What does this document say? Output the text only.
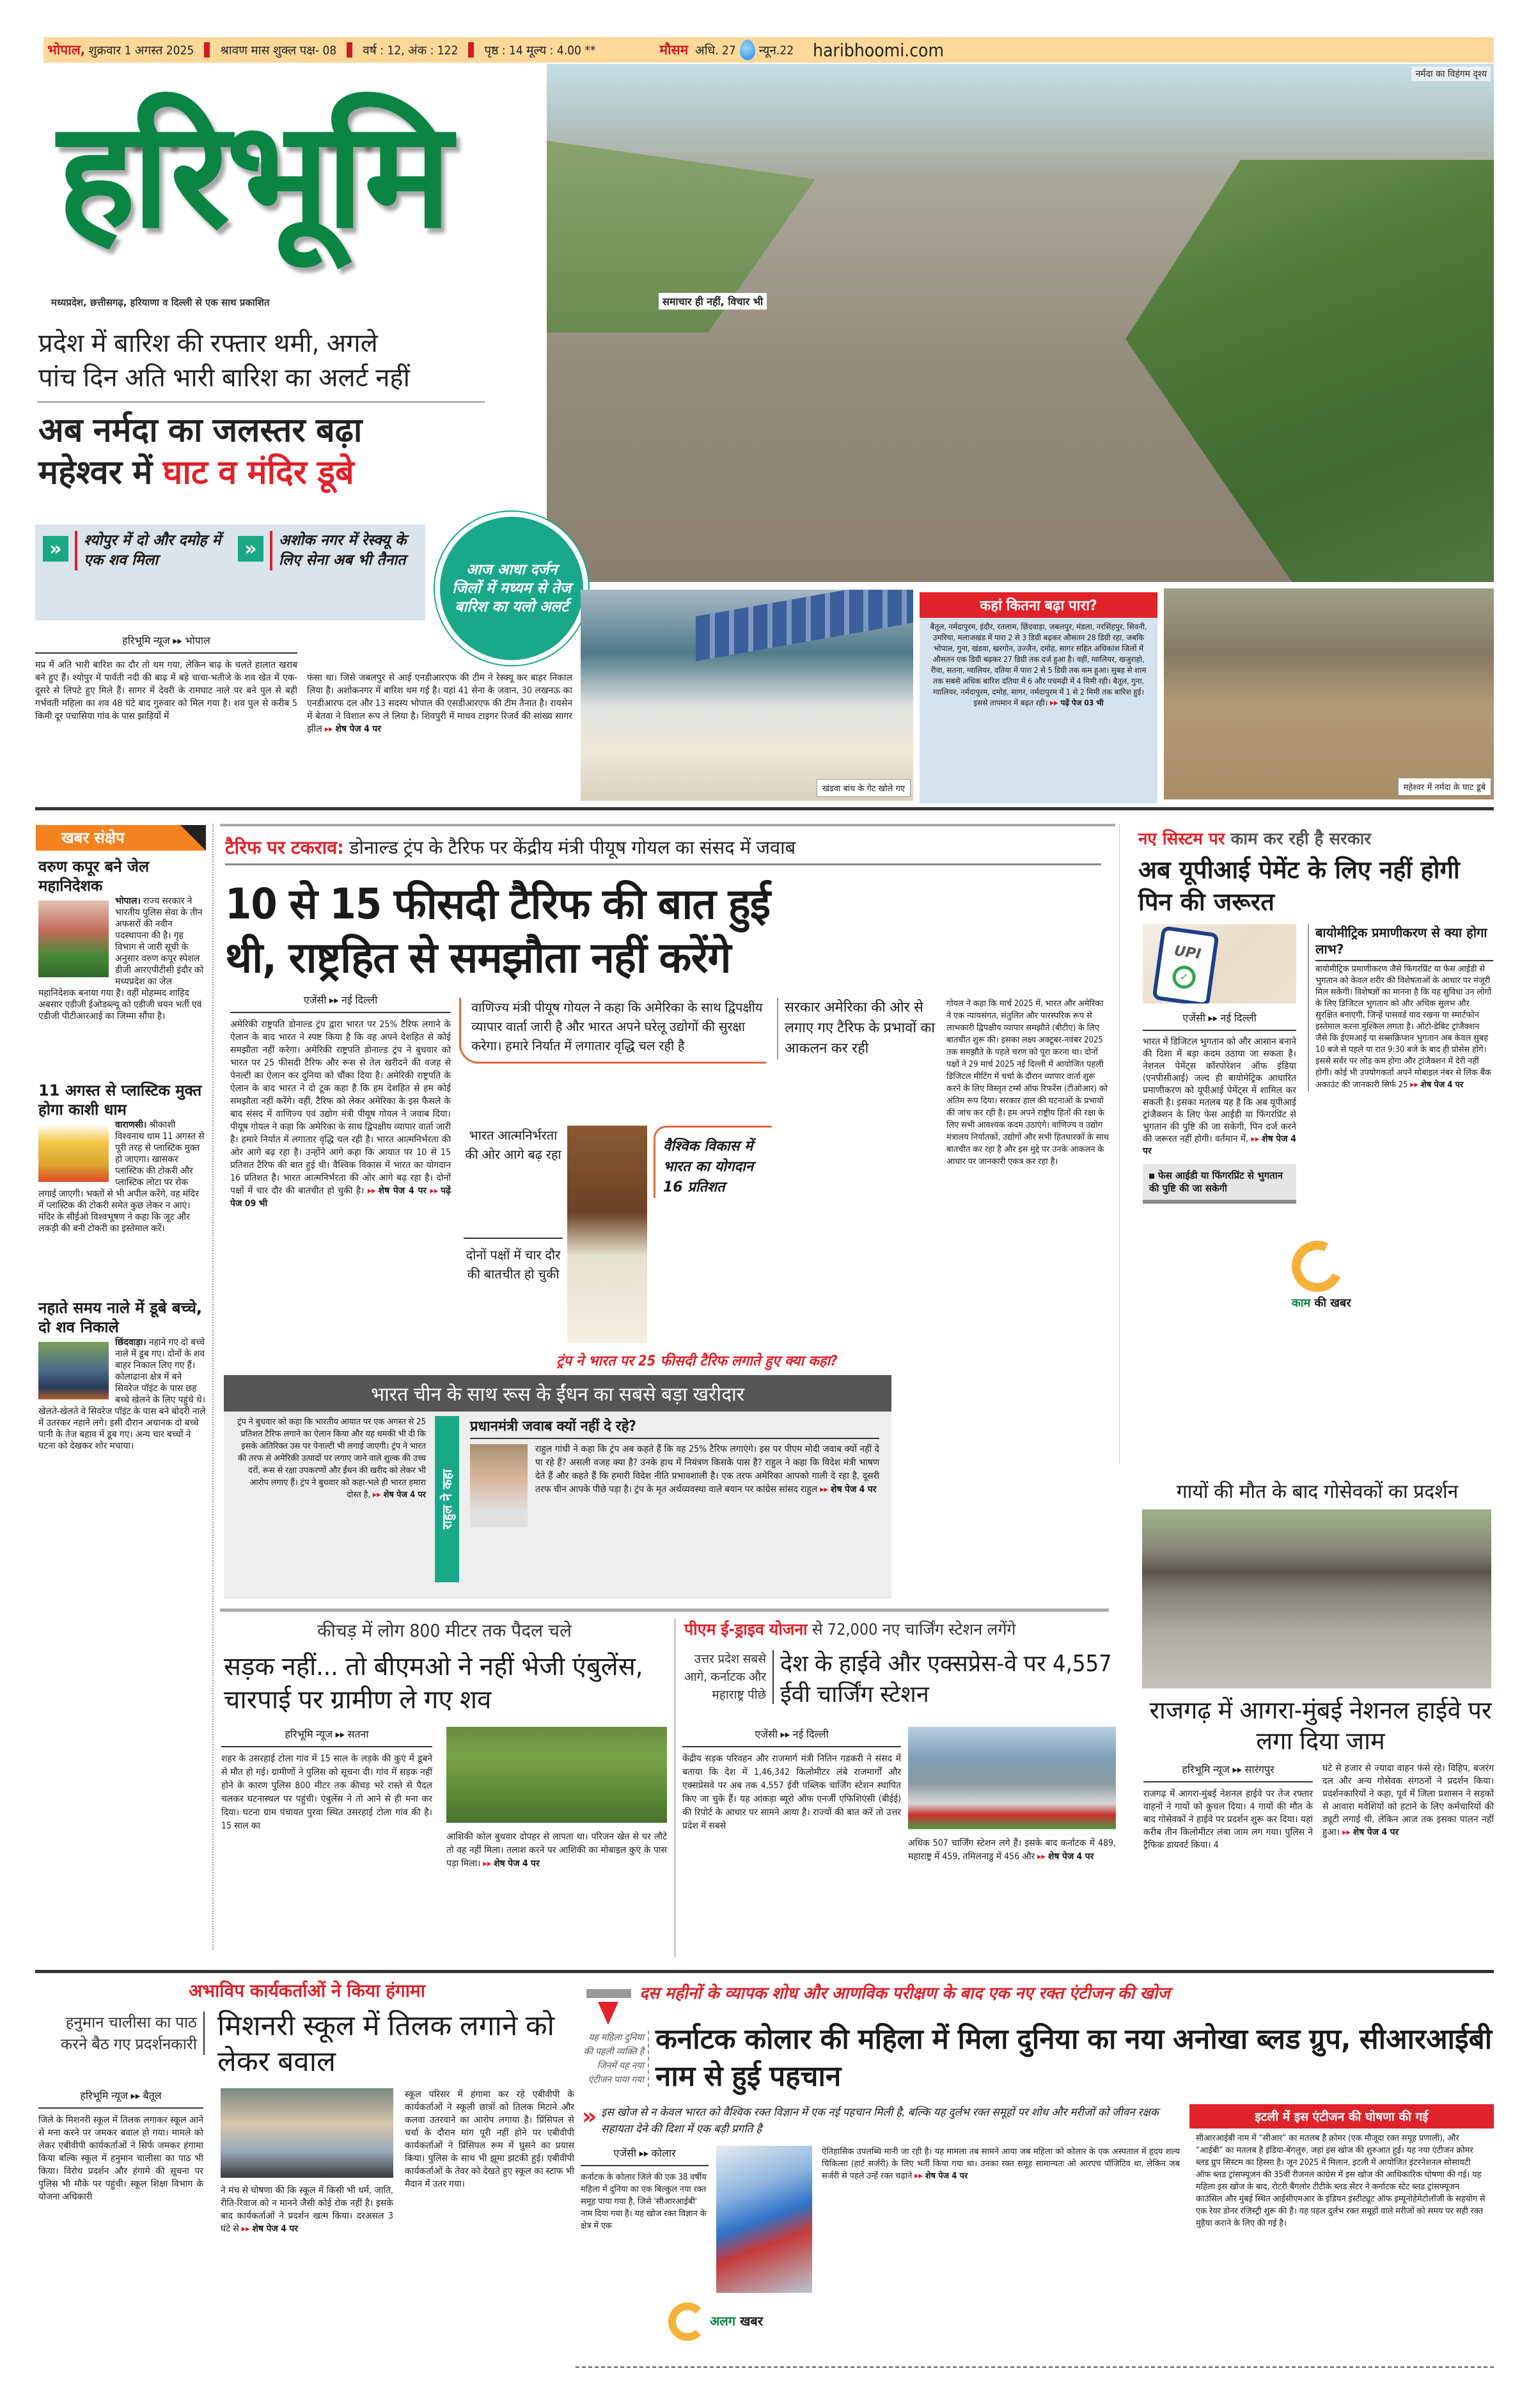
भोपाल,
शुक्रवार 1 अगस्त 2025 श्रावण मास शुक्ल पक्ष- 08 वर्ष : 12, अंक : 122 पृष्ठ : 14 मूल्य : 4.00 **	मौसम
अधि. 27 न्यून.22 haribhoomi.com
नर्मदा का विहंगम दृश्य
हरिभूमि
मध्यप्रदेश, छत्तीसगढ़, हरियाणा व दिल्ली से एक साथ प्रकाशित	समाचार ही नहीं, विचार भी
प्रदेश में बारिश की रफ्तार थमी, अगले
पांच दिन अति भारी बारिश का अलर्ट नहीं
अब नर्मदा का जलस्तर बढ़ा
महेश्वर में घाट व मंदिर डूबे
»	श्योपुर में दो और दमोह में एक शव मिला
»	अशोक नगर में रेस्क्यू के लिए सेना अब भी तैनात
आज आधा दर्जन जिलों में मध्यम से तेज बारिश का यलो अलर्ट
हरिभूमि न्यूज ▸▸ भोपाल
मप्र में अति भारी बारिश का दौर तो थम गया, लेकिन बाढ़ के चलते हालात खराब बने हुए हैं। श्योपुर में पार्वती नदी की बाढ़ में बहे चाचा-भतीजे के शव खेत में एक-दूसरे से लिपटे हुए मिले हैं। सागर में देवरी के रामघाट नाले पर बने पुल से बही गर्भवती महिला का शव 48 घंटे बाद गुरुवार को मिल गया है। शव पुल से करीब 5 किमी दूर पचासिया गांव के पास झाड़ियों में
फंसा था। जिसे जबलपुर से आई एनडीआरएफ की टीम ने रेस्क्यू कर बाहर निकाल लिया है। अशोकनगर में बारिश थम गई है। यहां 41 सेना के जवान, 30 लखनऊ का एनडीआरफ दल और 13 सदस्य भोपाल की एसडीआरएफ की टीम तैनात है। रायसेन में बेतवा ने विशाल रूप ले लिया है। शिवपुरी में माधव टाइगर रिजर्व की सांख्य सागर झील ▸▸ शेष पेज 4 पर
खंडवा बांध के गेट खोले गए
कहां कितना बढ़ा पारा?
बैतूल, नर्मदापुरम, इंदौर, रतलाम, छिंदवाड़ा, जबलपुर, मंडला, नरसिंहपुर, सिवनी, उमरिया, मलाजखंड में पारा 2 से 3 डिग्री बढ़कर औसतन 28 डिग्री रहा, जबकि भोपाल, गुना, खंडवा, खरगोन, उज्जैन, दमोह, सागर सहित अधिकांश जिलों में औसतन एक डिग्री बढ़कर 27 डिग्री तक दर्ज हुआ है। वहीं, ग्वालियर, खजुराहो, रीवा, सतना, ग्वालियर, दतिया में पारा 2 से 5 डिग्री तक कम हुआ। सुबह से शाम तक सबसे अधिक बारिश दतिया में 6 और पचमढ़ी में 4 मिमी रही। बैतूल, गुना, ग्वालियर, नर्मदापुरम, दमोह, सागर, नर्मदापुरम में 1 से 2 मिमी तक बारिश हुई। इससे तापमान में बढ़त रही। ▸▸ पढ़ें पेज 03 भी
महेश्वर में नर्मदा के घाट डूबे
खबर संक्षेप
वरुण कपूर बने जेल महानिदेशक
भोपाल। राज्य सरकार ने भारतीय पुलिस सेवा के तीन अफसरों की नवीन पदस्थापना की है। गृह विभाग से जारी सूची के अनुसार वरुण कपूर स्पेशल डीजी आरएपीटीसी इंदौर को मध्यप्रदेश का जेल महानिदेशक बनाया गया है। वहीं मोहम्मद शाहिद अबसार एडीजी ईओडब्ल्यू को एडीजी चयन भर्ती एवं एडीजी पीटीआरआई का जिम्मा सौंपा है।
11 अगस्त से प्लास्टिक मुक्त होगा काशी धाम
वाराणसी। श्रीकाशी विश्वनाथ धाम 11 अगस्त से पूरी तरह से प्लास्टिक मुक्त हो जाएगा। खासकर प्लास्टिक की टोकरी और प्लास्टिक लोटा पर रोक लगाई जाएगी। भक्तों से भी अपील करेंगे, वह मंदिर में प्लास्टिक की टोकरी समेत कुछ लेकर न आएं। मंदिर के सीईओ विश्वभूषण ने कहा कि जूट और लकड़ी की बनी टोकरी का इस्तेमाल करें।
नहाते समय नाले में डूबे बच्चे, दो शव निकाले
छिंदवाड़ा। नहाने गए दो बच्चे नाले में डूब गए। दोनों के शव बाहर निकाल लिए गए हैं। कोलाढाना क्षेत्र में बने सिवरेज पॉइंट के पास छह बच्चे खेलने के लिए पहुंचे थे। खेलते-खेलते वे सिवरेज पॉइंट के पास बने बोदरी नाले में उतरकर नहाने लगे। इसी दौरान अचानक दो बच्चे पानी के तेज बहाव में डूब गए। अन्य चार बच्चों ने घटना को देखकर शोर मचाया।
टैरिफ पर टकराव: डोनाल्ड ट्रंप के टैरिफ पर केंद्रीय मंत्री पीयूष गोयल का संसद में जवाब
10 से 15 फीसदी टैरिफ की बात हुई
थी, राष्ट्रहित से समझौता नहीं करेंगे
एजेंसी ▸▸ नई दिल्ली
अमेरिकी राष्ट्रपति डोनाल्ड ट्रंप द्वारा भारत पर 25% टैरिफ लगाने के ऐलान के बाद भारत ने स्पष्ट किया है कि वह अपने देशहित से कोई समझौता नहीं करेगा। अमेरिकी राष्ट्रपति डोनाल्ड ट्रंप ने बुधवार को भारत पर 25 फीसदी टैरिफ और रूस से तेल खरीदने की वजह से पेनल्टी का ऐलान कर दुनिया को चौंका दिया है। अमेरिकी राष्ट्रपति के ऐलान के बाद भारत ने दो टूक कहा है कि हम देशहित से हम कोई समझौता नहीं करेंगे। वहीं, टैरिफ को लेकर अमेरिका के इस फैसले के बाद संसद में वाणिज्य एवं उद्योग मंत्री पीयूष गोयल ने जवाब दिया। पीयूष गोयल ने कहा कि अमेरिका के साथ द्विपक्षीय व्यापार वार्ता जारी है। हमारे निर्यात में लगातार वृद्धि चल रही है। भारत आत्मनिर्भरता की ओर आगे बढ़ रहा है। उन्होंने आगे कहा कि आयात पर 10 से 15 प्रतिशत टैरिफ की बात हुई थी। वैश्विक विकास में भारत का योगदान 16 प्रतिशत है। भारत आत्मनिर्भरता की ओर आगे बढ़ रहा है। दोनों पक्षों में चार दौर की बातचीत हो चुकी है। ▸▸ शेष पेज 4 पर ▸▸ पढ़ें पेज 09 भी
वाणिज्य मंत्री पीयूष गोयल ने कहा कि अमेरिका के साथ द्विपक्षीय व्यापार वार्ता जारी है और भारत अपने घरेलू उद्योगों की सुरक्षा करेगा। हमारे निर्यात में लगातार वृद्धि चल रही है
भारत आत्मनिर्भरता की ओर आगे बढ़ रहा
दोनों पक्षों में चार दौर की बातचीत हो चुकी
वैश्विक विकास में भारत का योगदान 16 प्रतिशत
सरकार अमेरिका की ओर से लगाए गए टैरिफ के प्रभावों का आकलन कर रही
गोयल ने कहा कि मार्च 2025 में, भारत और अमेरिका ने एक न्यायसंगत, संतुलित और पारस्परिक रूप से लाभकारी द्विपक्षीय व्यापार समझौते (बीटीए) के लिए बातचीत शुरू की। इसका लक्ष्य अक्टूबर-नवंबर 2025 तक समझौते के पहले चरण को पूरा करना था। दोनों पक्षों ने 29 मार्च 2025 नई दिल्ली में आयोजित पहली डिजिटल मीटिंग में चर्चा के दौरान व्यापार वार्ता शुरू करने के लिए विस्तृत टर्म्स ऑफ रिफरेंस (टीओआर) को अंतिम रूप दिया। सरकार हाल की घटनाओं के प्रभावों की जांच कर रही है। हम अपने राष्ट्रीय हितों की रक्षा के लिए सभी आवश्यक कदम उठाएंगे। वाणिज्य व उद्योग मंत्रालय निर्यातकों, उद्योगों और सभी हितधारकों के साथ बातचीत कर रहा है और इस मुद्दे पर उनके आकलन के आधार पर जानकारी एकत्र कर रहा है।
ट्रंप ने भारत पर 25 फीसदी टैरिफ लगाते हुए क्या कहा?
भारत चीन के साथ रूस के ईंधन का सबसे बड़ा खरीदार
ट्रंप ने बुधवार को कहा कि भारतीय आयात पर एक अगस्त से 25 प्रतिशत टैरिफ लगाने का ऐलान किया और यह धमकी भी दी कि इसके अतिरिक्त उस पर पेनाल्टी भी लगाई जाएगी। ट्रंप ने भारत की तरफ से अमेरिकी उत्पादों पर लगाए जाने वाले शुल्क की उच्च दरों, रूस से रक्षा उपकरणों और ईंधन की खरीद को लेकर भी आरोप लगाए हैं। ट्रंप ने बुधवार को कहा-भले ही भारत हमारा दोस्त है, ▸▸ शेष पेज 4 पर	राहुल ने कहा
प्रधानमंत्री जवाब क्यों नहीं दे रहे?
राहुल गांधी ने कहा कि ट्रंप अब कहते हैं कि वह 25% टैरिफ लगाएंगे। इस पर पीएम मोदी जवाब क्यों नहीं दे पा रहे हैं? असली वजह क्या है? उनके हाथ में नियंत्रण किसके पास है? राहुल ने कहा कि विदेश मंत्री भाषण देते हैं और कहते हैं कि हमारी विदेश नीति प्रभावशाली है। एक तरफ अमेरिका आपको गाली दे रहा है, दूसरी तरफ चीन आपके पीछे पड़ा है। ट्रंप के मृत अर्थव्यवस्था वाले बयान पर कांग्रेस सांसद राहुल ▸▸ शेष पेज 4 पर
नए सिस्टम पर काम कर रही है सरकार
अब यूपीआई पेमेंट के लिए नहीं होगी पिन की जरूरत
UPI
✓
एजेंसी ▸▸ नई दिल्ली
भारत में डिजिटल भुगतान को और आसान बनाने की दिशा में बड़ा कदम उठाया जा सकता है। नेशनल पेमेंट्स कॉरपोरेशन ऑफ इंडिया (एनपीसीआई) जल्द ही बायोमेट्रिक आधारित प्रमाणीकरण को यूपीआई पेमेंट्स में शामिल कर सकती है। इसका मतलब यह है कि अब यूपीआई ट्रांजैक्शन के लिए फेस आईडी या फिंगरप्रिंट से भुगतान की पुष्टि की जा सकेगी, पिन दर्ज करने की जरूरत नहीं होगी। वर्तमान में, ▸▸ शेष पेज 4 पर
फेस आईडी या फिंगरप्रिंट से भुगतान की पुष्टि की जा सकेगी
बायोमीट्रिक प्रमाणीकरण से क्या होगा लाभ?
बायोमीट्रिक प्रमाणीकरण जैसे फिंगरप्रिंट या फेस आईडी से भुगतान को केवल शरीर की विशेषताओं के आधार पर मंजूरी मिल सकेगी। विशेषज्ञों का मानना है कि यह सुविधा उन लोगों के लिए डिजिटल भुगतान को और अधिक सुलभ और सुरक्षित बनाएगी, जिन्हें पासवर्ड याद रखना या स्मार्टफोन इस्तेमाल करना मुश्किल लगता है। ऑटो-डेबिट ट्रांजैक्शन जैसे कि ईएमआई या सब्सक्रिप्शन भुगतान अब केवल सुबह 10 बजे से पहले या रात 9:30 बजे के बाद ही प्रोसेस होंगे। इससे सर्वर पर लोड कम होगा और ट्रांजैक्शन में देरी नहीं होगी। कोई भी उपयोगकर्ता अपने मोबाइल नंबर से लिंक बैंक अकाउंट की जानकारी सिर्फ 25 ▸▸ शेष पेज 4 पर
काम की खबर
गायों की मौत के बाद गोसेवकों का प्रदर्शन
राजगढ़ में आगरा-मुंबई नेशनल हाईवे पर लगा दिया जाम
हरिभूमि न्यूज ▸▸ सारंगपुर
राजगढ़ में आगरा-मुंबई नेशनल हाईवे पर तेज रफ्तार वाहनों ने गायों को कुचल दिया। 4 गायों की मौत के बाद गोसेवकों ने हाईवे पर प्रदर्शन शुरू कर दिया। यहां करीब तीन किलोमीटर लंबा जाम लग गया। पुलिस ने ट्रैफिक डायवर्ट किया। 4
घंटे से हजार से ज्यादा वाहन फंसे रहे। विहिप, बजरंग दल और अन्य गोसेवक संगठनों ने प्रदर्शन किया। प्रदर्शनकारियों ने कहा, पूर्व में जिला प्रशासन ने सड़कों से आवारा मवेशियों को हटाने के लिए कर्मचारियों की ड्यूटी लगाई थी, लेकिन आज तक इसका पालन नहीं हुआ। ▸▸ शेष पेज 4 पर
कीचड़ में लोग 800 मीटर तक पैदल चले
सड़क नहीं... तो बीएमओ ने नहीं भेजी एंबुलेंस, चारपाई पर ग्रामीण ले गए शव
हरिभूमि न्यूज ▸▸ सतना
शहर के उसरहाई टोला गांव में 15 साल के लड़के की कुएं में डूबने से मौत हो गई। ग्रामीणों ने पुलिस को सूचना दी। गांव में सड़क नहीं होने के कारण पुलिस 800 मीटर तक कीचड़ भरे रास्ते से पैदल चलकर घटनास्थल पर पहुंची। एंबुलेंस ने तो आने से ही मना कर दिया। घटना ग्राम पंचायत पुरवा स्थित उसरहाई टोला गांव की है। 15 साल का
आशिकी कोल बुधवार दोपहर से लापता था। परिजन खेत से घर लौटे तो वह नहीं मिला। तलाश करने पर आशिकी का मोबाइल कुएं के पास पड़ा मिला। ▸▸ शेष पेज 4 पर
पीएम ई-ड्राइव योजना से 72,000 नए चार्जिंग स्टेशन लगेंगे
उत्तर प्रदेश सबसे आगे, कर्नाटक और महाराष्ट्र पीछे
देश के हाईवे और एक्सप्रेस-वे पर 4,557 ईवी चार्जिंग स्टेशन
एजेंसी ▸▸ नई दिल्ली
केंद्रीय सड़क परिवहन और राजमार्ग मंत्री नितिन गडकरी ने संसद में बताया कि देश में 1,46,342 किलोमीटर लंबे राजमार्गों और एक्सप्रेसवे पर अब तक 4,557 ईवी पब्लिक चार्जिंग स्टेशन स्थापित किए जा चुके हैं। यह आंकड़ा ब्यूरो ऑफ एनर्जी एफिशिएंसी (बीईई) की रिपोर्ट के आधार पर सामने आया है। राज्यों की बात करें तो उत्तर प्रदेश में सबसे
अधिक 507 चार्जिंग स्टेशन लगे हैं। इसके बाद कर्नाटक में 489, महाराष्ट्र में 459, तमिलनाडु में 456 और ▸▸ शेष पेज 4 पर
अभाविप कार्यकर्ताओं ने किया हंगामा
हनुमान चालीसा का पाठ करने बैठ गए प्रदर्शनकारी
मिशनरी स्कूल में तिलक लगाने को लेकर बवाल
हरिभूमि न्यूज ▸▸ बैतूल
जिले के मिशनरी स्कूल में तिलक लगाकर स्कूल आने से मना करने पर जमकर बवाल हो गया। मामले को लेकर एबीवीपी कार्यकर्ताओं ने सिर्फ जमकर हंगामा किया बल्कि स्कूल में हनुमान चालीसा का पाठ भी किया। विरोध प्रदर्शन और हंगामे की सूचना पर पुलिस भी मौके पर पहुंची। स्कूल शिक्षा विभाग के योजना अधिकारी
ने मंच से घोषणा की कि स्कूल में किसी भी धर्म, जाति, रीति-रिवाज को न मानने जैसी कोई रोक नहीं है। इसके बाद कार्यकर्ताओं ने प्रदर्शन खत्म किया। दरअसल 3 घंटे से ▸▸ शेष पेज 4 पर
स्कूल परिसर में हंगामा कर रहे एबीवीपी के कार्यकर्ताओं ने स्कूली छात्रों को तिलक मिटाने और कलवा उतरवाने का आरोप लगाया है। प्रिंसिपल से चर्चा के दौरान मांग पूरी नहीं होने पर एबीवीपी कार्यकर्ताओं ने प्रिंसिपल रूम में घुसने का प्रयास किया। पुलिस के साथ भी झूमा झटकी हुई। एबीवीपी कार्यकर्ताओं के तेवर को देखते हुए स्कूल का स्टाफ भी मैदान में उतर गया।
दस महीनों के व्यापक शोध और आणविक परीक्षण के बाद एक नए रक्त एंटीजन की खोज
यह महिला दुनिया की पहली व्यक्ति है जिनमें यह नया एंटीजन पाया गया
कर्नाटक कोलार की महिला में मिला दुनिया का नया अनोखा ब्लड ग्रुप, सीआरआईबी नाम से हुई पहचान
» इस खोज से न केवल भारत को वैश्विक रक्त विज्ञान में एक नई पहचान मिली है, बल्कि यह दुर्लभ रक्त समूहों पर शोध और मरीजों को जीवन रक्षक सहायता देने की दिशा में एक बड़ी प्रगति है
एजेंसी ▸▸ कोलार
कर्नाटक के कोलार जिले की एक 38 वर्षीय महिला में दुनिया का एक बिल्कुल नया रक्त समूह पाया गया है, जिसे 'सीआरआईबी' नाम दिया गया है। यह खोज रक्त विज्ञान के क्षेत्र में एक
अलग खबर
ऐतिहासिक उपलब्धि मानी जा रही है। यह मामला तब सामने आया जब महिला को कोलार के एक अस्पताल में हृदय शल्य चिकित्सा (हार्ट सर्जरी) के लिए भर्ती किया गया था। उनका रक्त समूह सामान्यतः ओ आरएच पॉजिटिव था, लेकिन जब सर्जरी से पहले उन्हें रक्त चढ़ाने ▸▸ शेष पेज 4 पर
इटली में इस एंटीजन की घोषणा की गई
सीआरआईबी नाम में “सीआर” का मतलब है क्रोमर (एक मौजूदा रक्त समूह प्रणाली), और “आईबी” का मतलब है इंडिया-बेंगलुरु, जहां इस खोज की शुरुआत हुई। यह नया एंटीजन क्रोमर ब्लड ग्रुप सिस्टम का हिस्सा है। जून 2025 में मिलान, इटली में आयोजित इंटरनेशनल सोसायटी ऑफ ब्लड ट्रांसफ्यूजन की 35वीं रीजनल कांग्रेस में इस खोज की आधिकारिक घोषणा की गई। यह महिला इस खोज के बाद, रोटरी बैंगलोर टीटीके ब्लड सेंटर ने कर्नाटक स्टेट ब्लड ट्रांसफ्यूजन काउंसिल और मुंबई स्थित आईसीएमआर के इंडियन इंस्टीट्यूट ऑफ इम्यूनोहेमेटोलॉजी के सहयोग से एक रेयर डोनर रजिस्ट्री शुरू की है। यह पहल दुर्लभ रक्त समूहों वाले मरीजों को समय पर सही रक्त मुहैया कराने के लिए की गई है।
